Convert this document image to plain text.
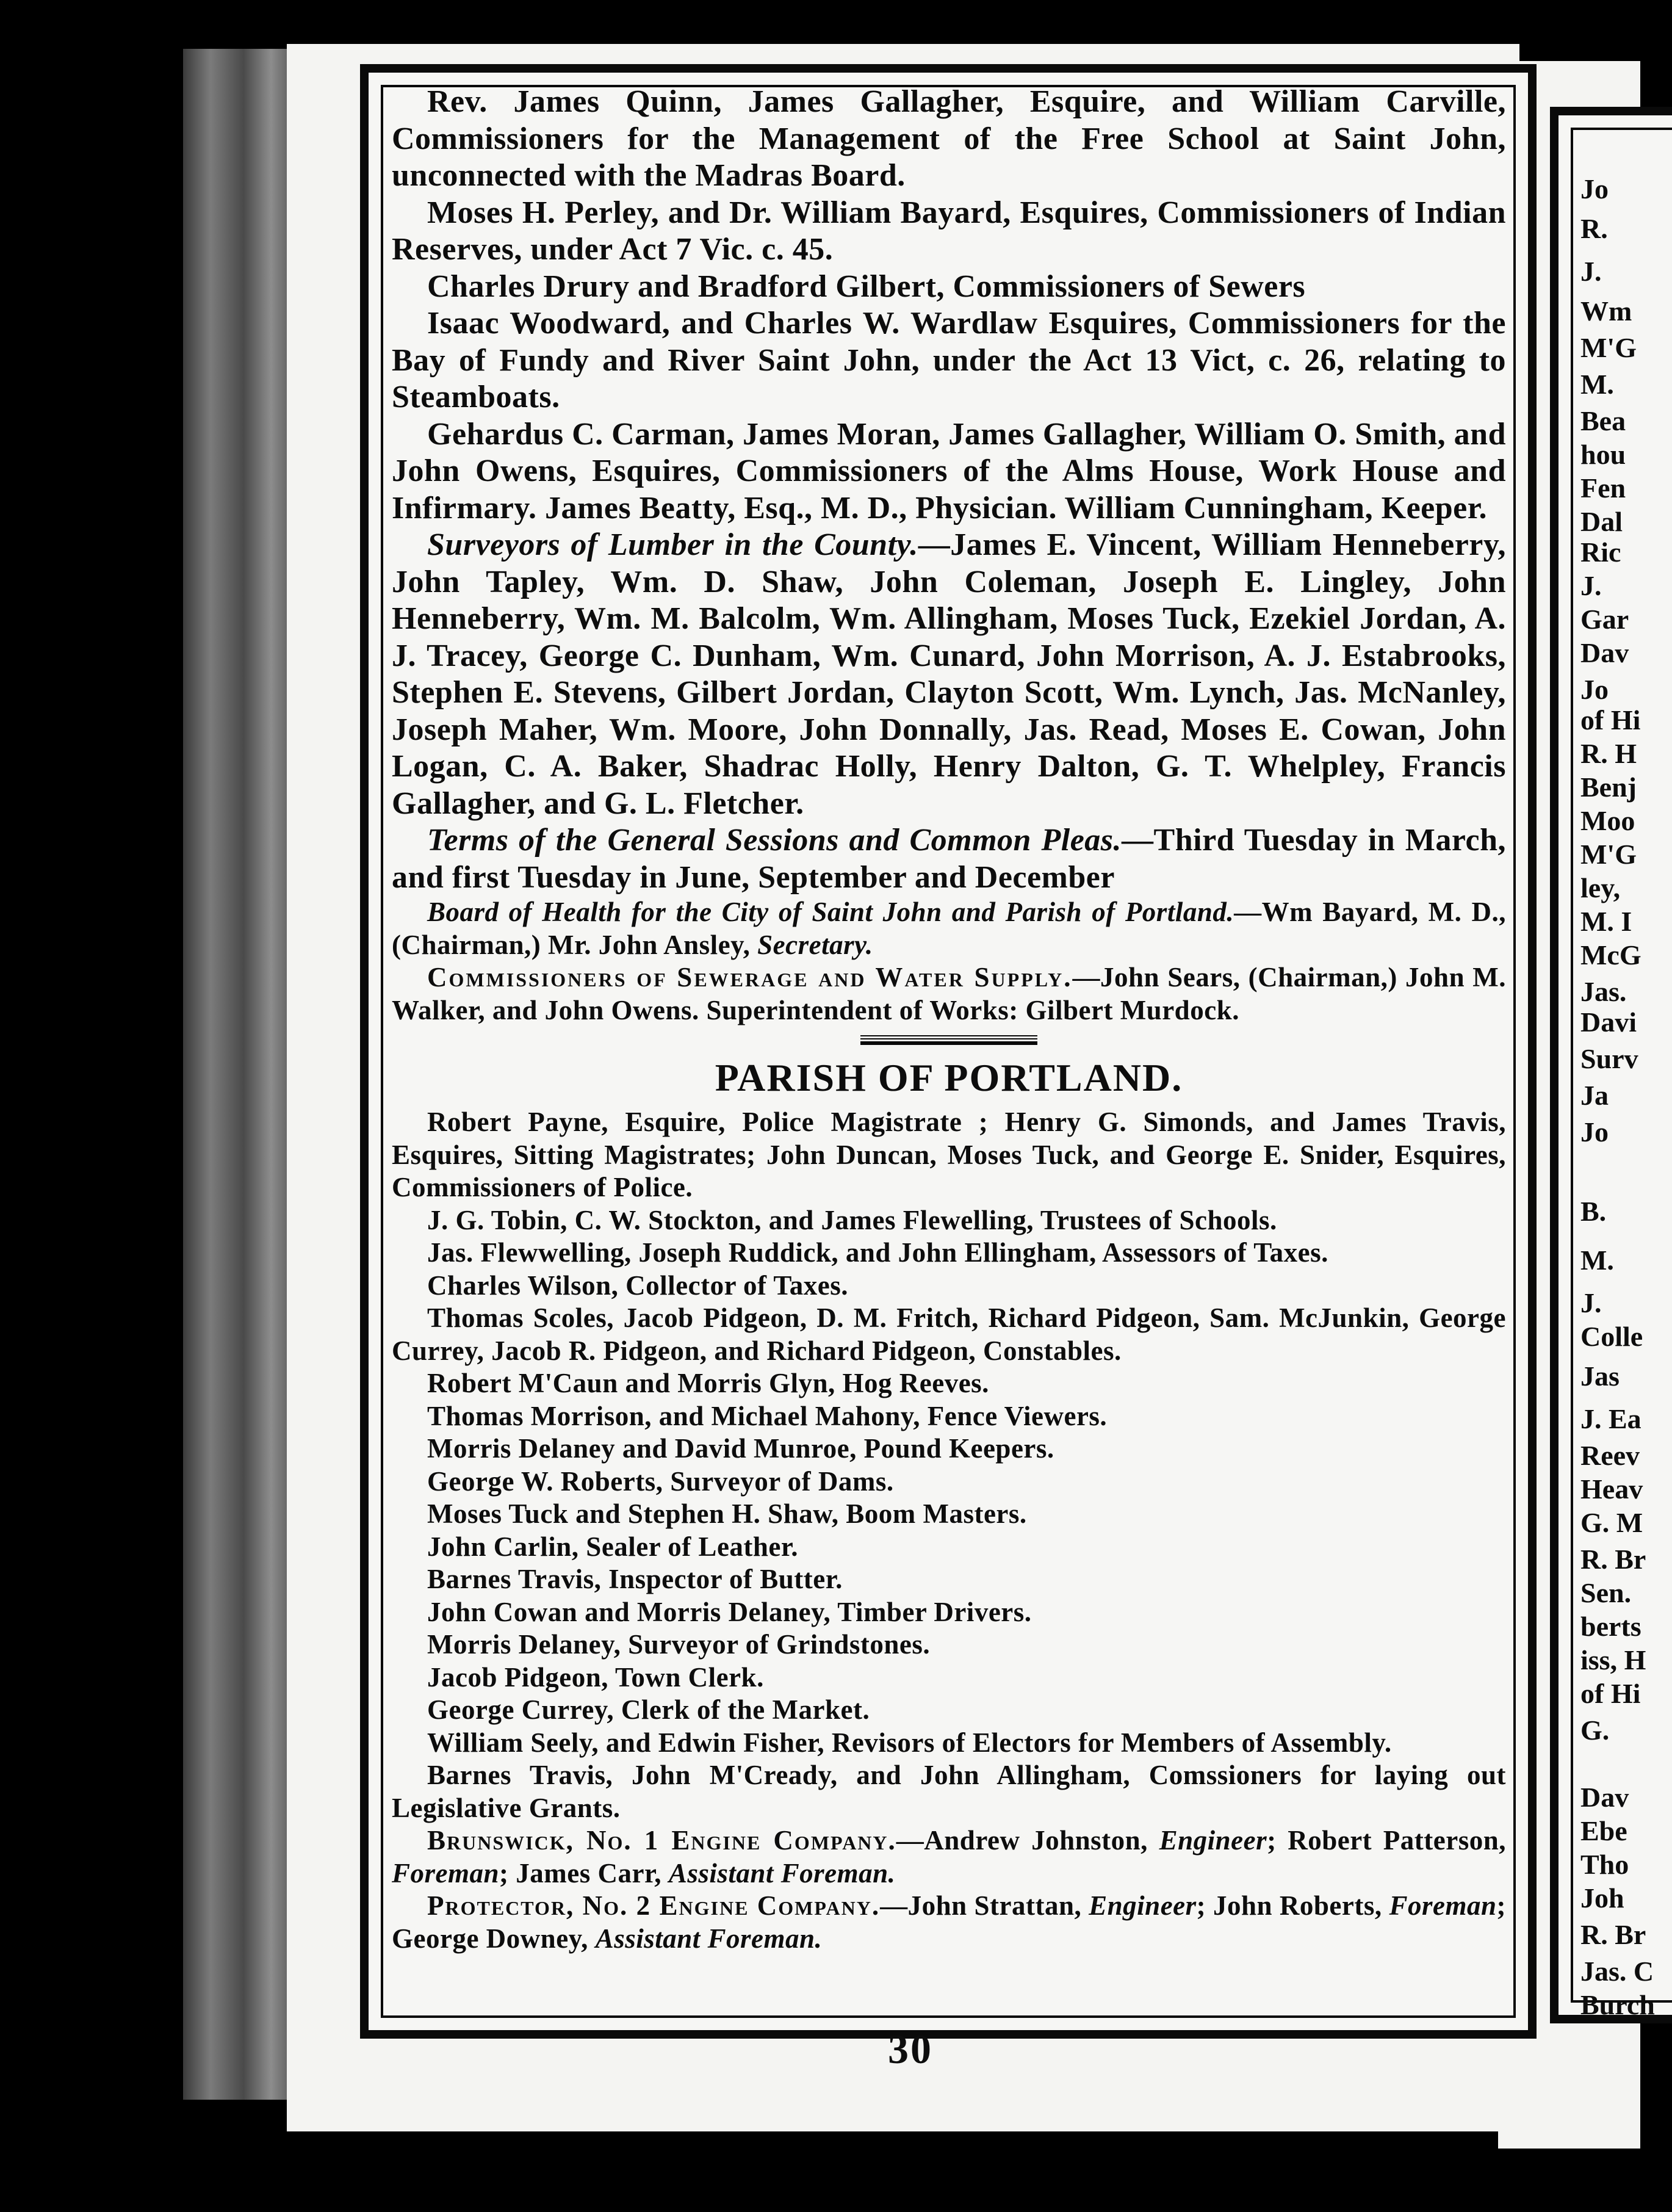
Jo
R.
J.
Wm
M'G
M.
Bea
hou
Fen
Dal
Ric
J.
Gar
Dav
Jo
of Hi
R. H
Benj
Moo
M'G
ley,
M. I
McG
Jas.
Davi
Surv
Ja
Jo
B.
M.
J.
Colle
Jas
J. Ea
Reev
Heav
G. M
R. Br
Sen.
berts
iss, H
of Hi
G.
Dav
Ebe
Tho
Joh
R. Br
Jas. C
Burch

Rev. James Quinn, James Gallagher, Esquire, and William Carville, Commissioners for the Management of the Free School at Saint John, unconnected with the Madras Board.

Moses H. Perley, and Dr. William Bayard, Esquires, Commissioners of Indian Reserves, under Act 7 Vic. c. 45.

Charles Drury and Bradford Gilbert, Commissioners of Sewers

Isaac Woodward, and Charles W. Wardlaw Esquires, Commissioners for the Bay of Fundy and River Saint John, under the Act 13 Vict, c. 26, relating to Steamboats.

Gehardus C. Carman, James Moran, James Gallagher, William O. Smith, and John Owens, Esquires, Commissioners of the Alms House, Work House and Infirmary. James Beatty, Esq., M. D., Physician. William Cunningham, Keeper.

Surveyors of Lumber in the County.—James E. Vincent, William Henneberry, John Tapley, Wm. D. Shaw, John Coleman, Joseph E. Lingley, John Henneberry, Wm. M. Balcolm, Wm. Allingham, Moses Tuck, Ezekiel Jordan, A. J. Tracey, George C. Dunham, Wm. Cunard, John Morrison, A. J. Estabrooks, Stephen E. Stevens, Gilbert Jordan, Clayton Scott, Wm. Lynch, Jas. McNanley, Joseph Maher, Wm. Moore, John Donnally, Jas. Read, Moses E. Cowan, John Logan, C. A. Baker, Shadrac Holly, Henry Dalton, G. T. Whelpley, Francis Gallagher, and G. L. Fletcher.

Terms of the General Sessions and Common Pleas.—Third Tuesday in March, and first Tuesday in June, September and December

Board of Health for the City of Saint John and Parish of Portland.—Wm Bayard, M. D., (Chairman,) Mr. John Ansley, Secretary.

Commissioners of Sewerage and Water Supply.—John Sears, (Chairman,) John M. Walker, and John Owens. Superintendent of Works: Gilbert Murdock.

PARISH OF PORTLAND.

Robert Payne, Esquire, Police Magistrate ; Henry G. Simonds, and James Travis, Esquires, Sitting Magistrates; John Duncan, Moses Tuck, and George E. Snider, Esquires, Commissioners of Police.

J. G. Tobin, C. W. Stockton, and James Flewelling, Trustees of Schools.

Jas. Flewwelling, Joseph Ruddick, and John Ellingham, Assessors of Taxes.

Charles Wilson, Collector of Taxes.

Thomas Scoles, Jacob Pidgeon, D. M. Fritch, Richard Pidgeon, Sam. McJunkin, George Currey, Jacob R. Pidgeon, and Richard Pidgeon, Constables.

Robert M'Caun and Morris Glyn, Hog Reeves.

Thomas Morrison, and Michael Mahony, Fence Viewers.

Morris Delaney and David Munroe, Pound Keepers.

George W. Roberts, Surveyor of Dams.

Moses Tuck and Stephen H. Shaw, Boom Masters.

John Carlin, Sealer of Leather.

Barnes Travis, Inspector of Butter.

John Cowan and Morris Delaney, Timber Drivers.

Morris Delaney, Surveyor of Grindstones.

Jacob Pidgeon, Town Clerk.

George Currey, Clerk of the Market.

William Seely, and Edwin Fisher, Revisors of Electors for Members of Assembly.

Barnes Travis, John M'Cready, and John Allingham, Comssioners for laying out Legislative Grants.

Brunswick, No. 1 Engine Company.—Andrew Johnston, Engineer; Robert Patterson, Foreman; James Carr, Assistant Foreman.

Protector, No. 2 Engine Company.—John Strattan, Engineer; John Roberts, Foreman; George Downey, Assistant Foreman.

30
